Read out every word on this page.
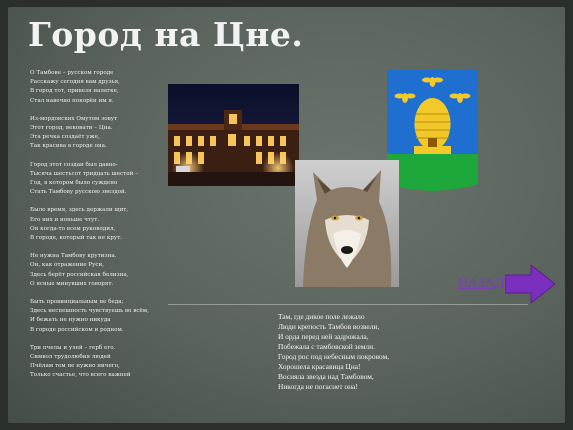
Город на Цне.
О Тамбове – русском городе
Расскажу сегодня вам друзья,
В город тот, привезя налегке,
Стал навечно покорён им я.
Из-мордовских Омутом зовут
Этот город, вековати – Цна.
Эта речка создаёт уже,
Так красива в городе она.
Город этот создан был давно-
Тысяча шестьсот тридцать шестой –
Год, в котором было суждено
Стать Тамбову русскою звездой.
Было время, здесь держали щит,
Его них и ноньше чтут.
Он когда-то всем руководил,
В городе, который так не крут.
Не нужна Тамбову крутизна.
Он, как отражение Руси,
Здесь берёт российская белизна,
О ясные минувших говорят.
Быть провинциальным не беда;
Здесь неспешность чувствуешь во всём,
И бежать не нужно никуда
В городе российском и родном.
Три пчелы и улей – герб его.
Символ трудолюбия людей
Пчёлам тем не нужно ничего,
Только счастье, что всего важней
НАЗАД
Там, где дикое поле лежало
Люди крепость Тамбов возвели,
И орда перед ней задрожала,
Побежала с тамбовской земли.
Город рос под небесным покровом,
Хорошела красавица Цна!
Восияла звезда над Тамбовом,
Никогда не погаснет она!
